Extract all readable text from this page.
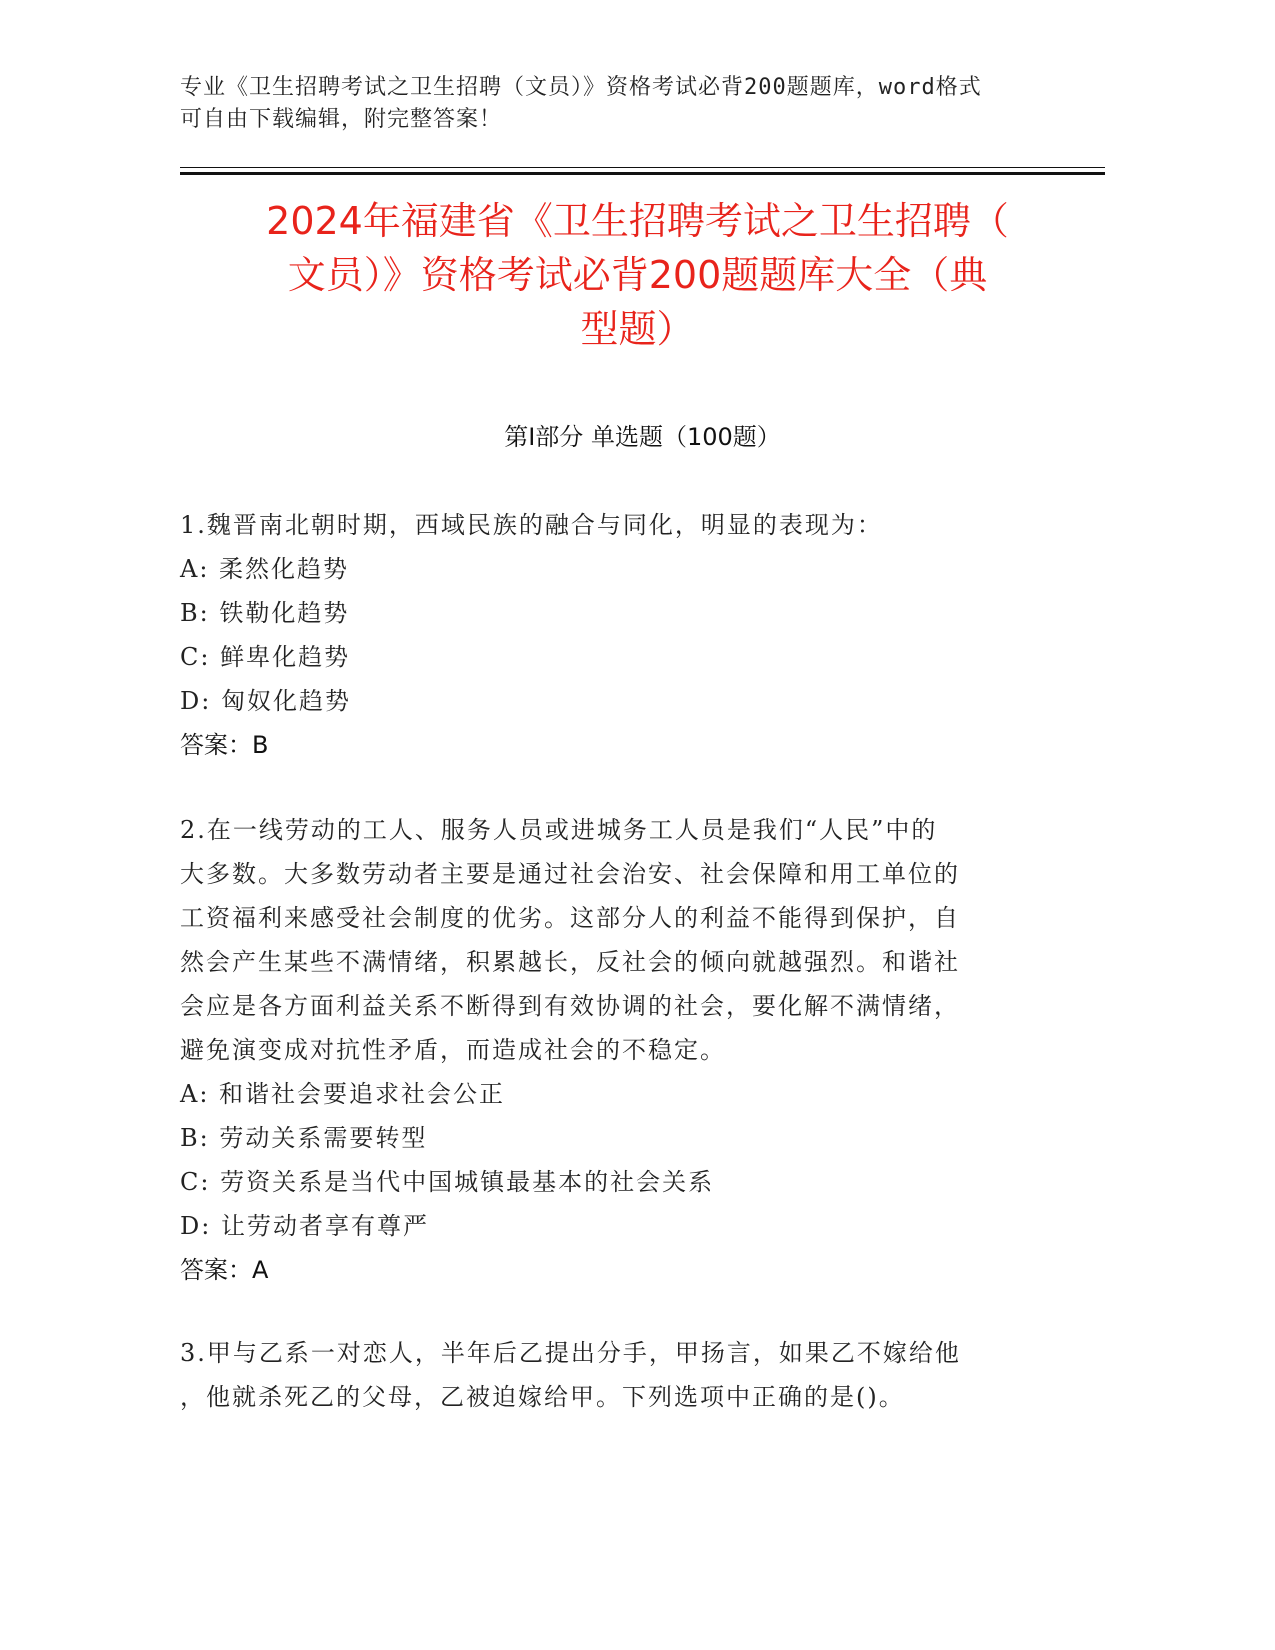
专业《卫生招聘考试之卫生招聘（文员）》资格考试必背200题题库，word格式
可自由下载编辑，附完整答案！
2024年福建省《卫生招聘考试之卫生招聘（
文员）》资格考试必背200题题库大全（典
型题）
第Ⅰ部分 单选题（100题）
1.魏晋南北朝时期，西域民族的融合与同化，明显的表现为：
A: 柔然化趋势
B: 铁勒化趋势
C: 鲜卑化趋势
D: 匈奴化趋势
答案：B
2.在一线劳动的工人、服务人员或进城务工人员是我们“人民”中的
大多数。大多数劳动者主要是通过社会治安、社会保障和用工单位的
工资福利来感受社会制度的优劣。这部分人的利益不能得到保护，自
然会产生某些不满情绪，积累越长，反社会的倾向就越强烈。和谐社
会应是各方面利益关系不断得到有效协调的社会，要化解不满情绪，
避免演变成对抗性矛盾，而造成社会的不稳定。
A: 和谐社会要追求社会公正
B: 劳动关系需要转型
C: 劳资关系是当代中国城镇最基本的社会关系
D: 让劳动者享有尊严
答案：A
3.甲与乙系一对恋人，半年后乙提出分手，甲扬言，如果乙不嫁给他
，他就杀死乙的父母，乙被迫嫁给甲。下列选项中正确的是()。
